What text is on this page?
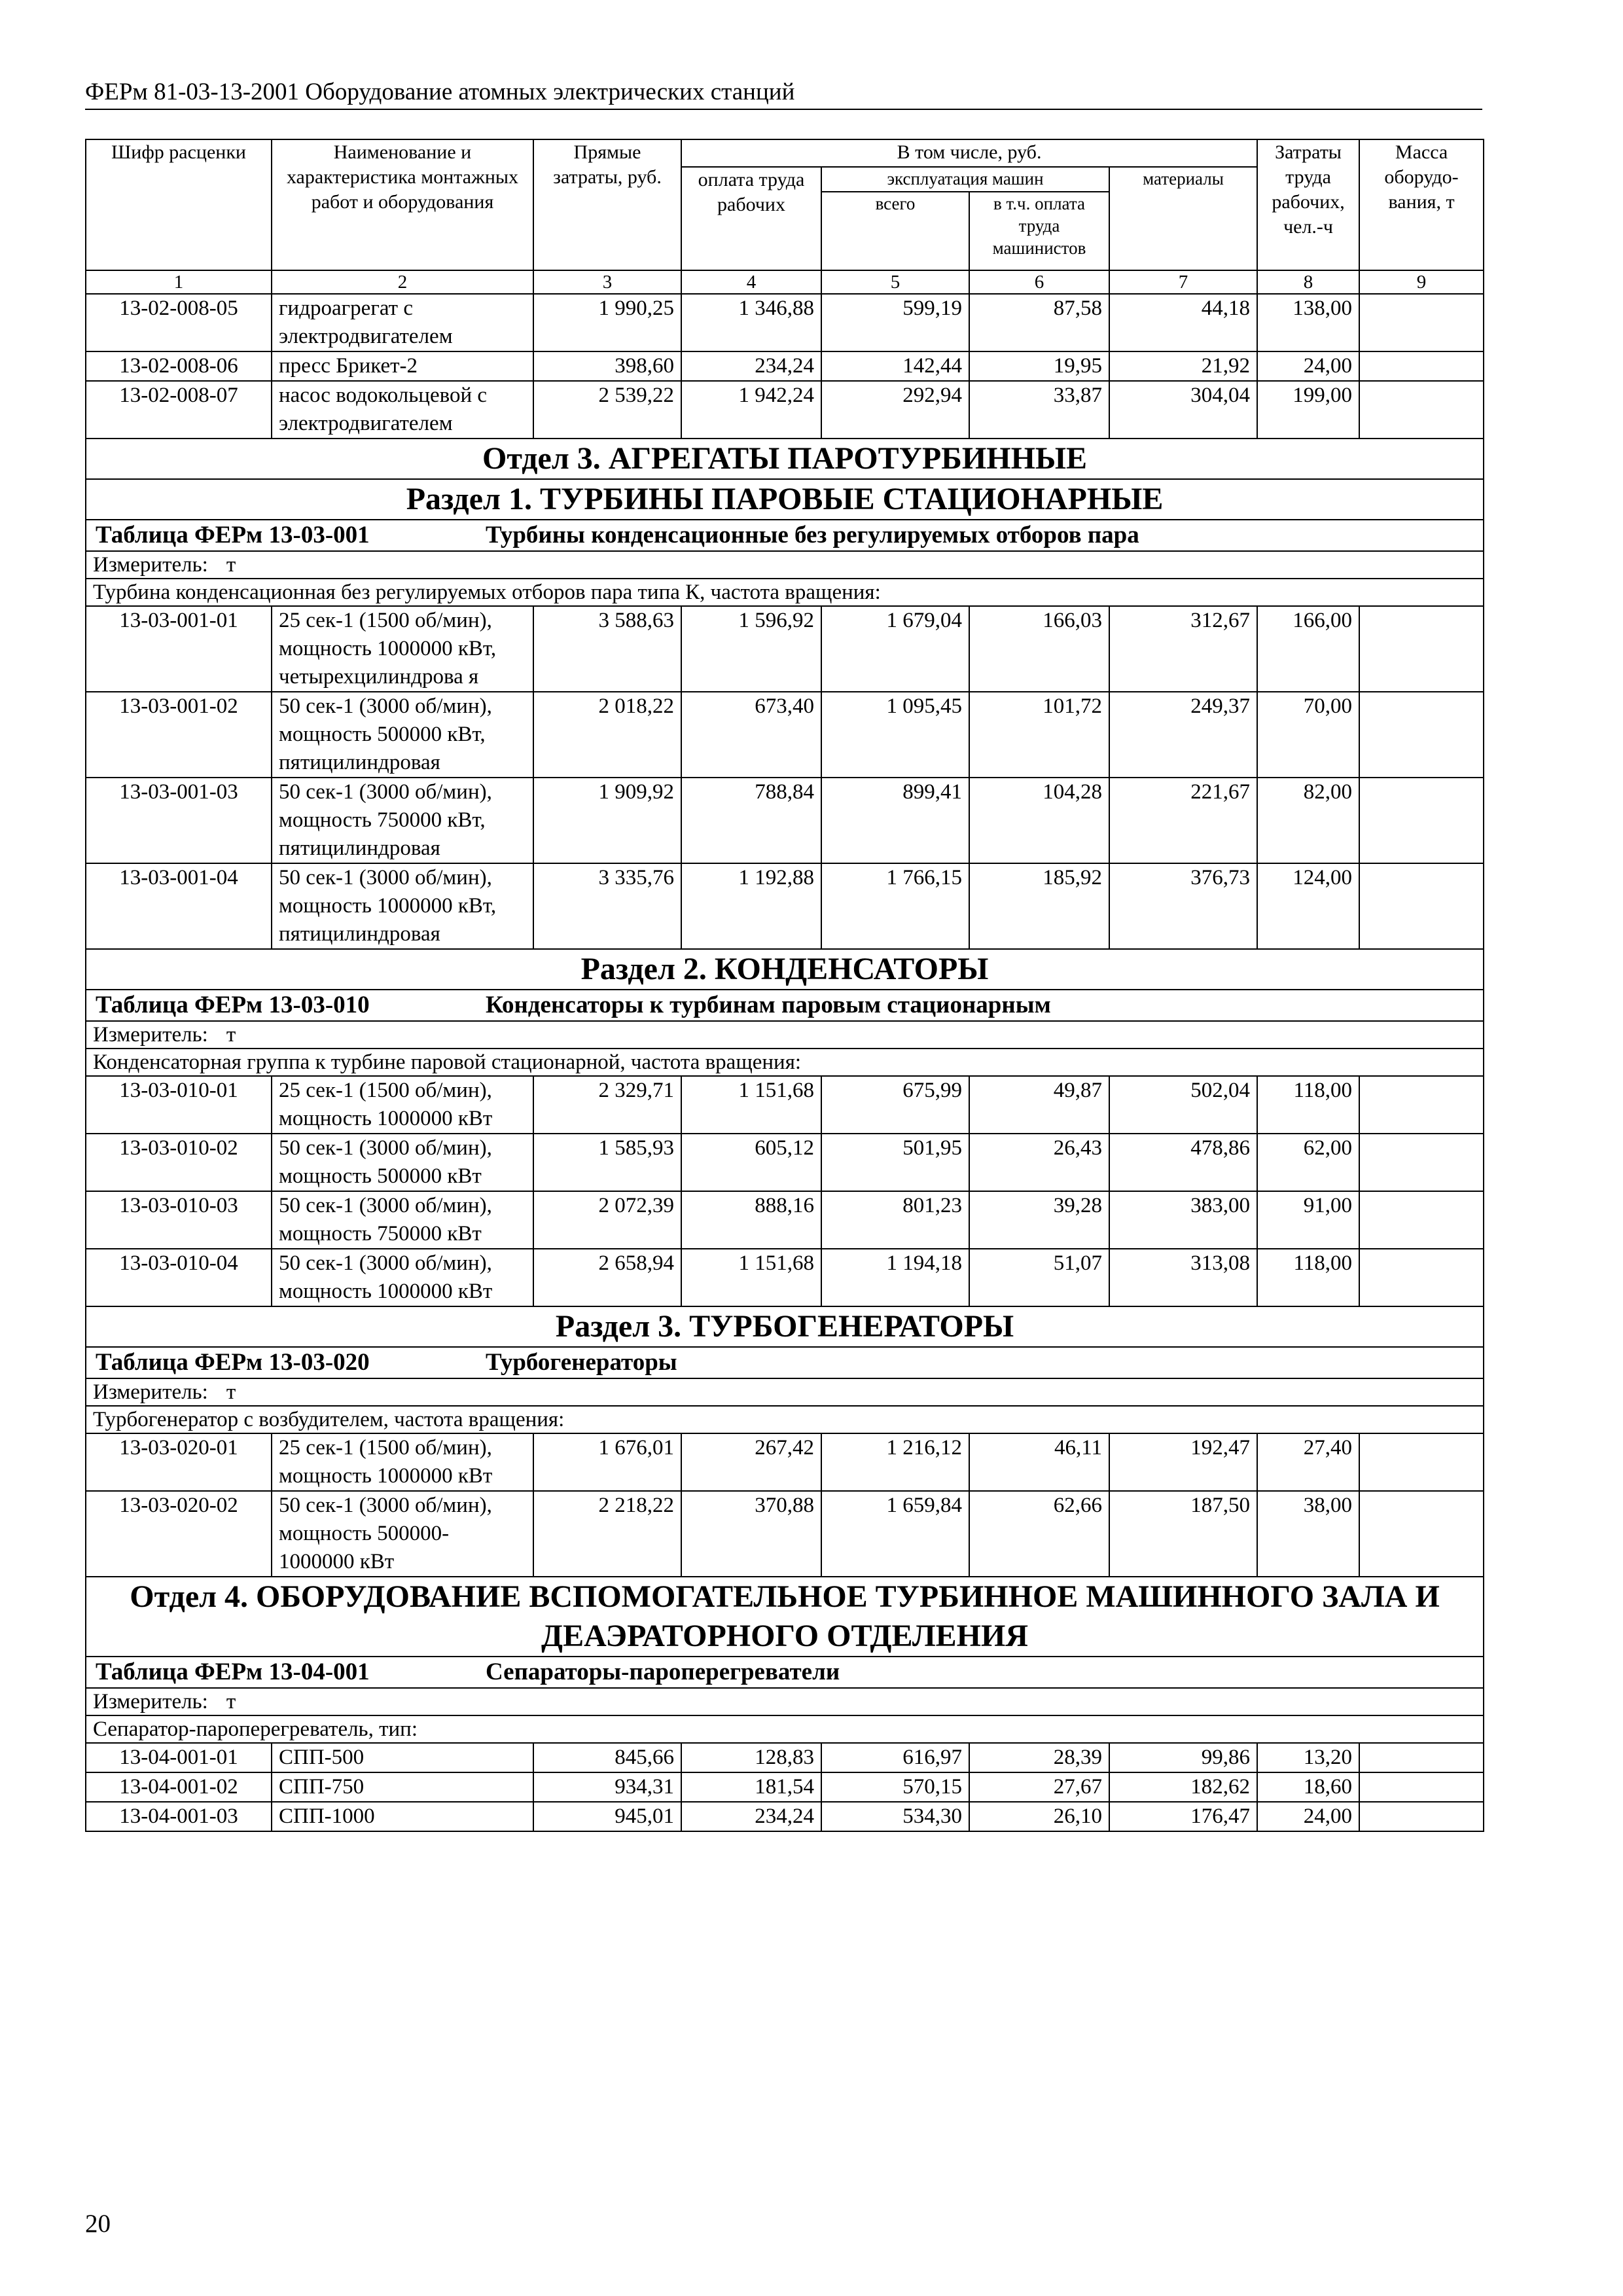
ФЕРм 81-03-13-2001 Оборудование атомных электрических станций
Шифр расценки	Наименование и характеристика монтажных работ и оборудования	Прямые затраты, руб.	В том числе, руб.				Затраты труда рабочих, чел.-ч	Масса оборудо- вания, т
			оплата труда рабочих	эксплуатация машин		материалы		
				всего	в т.ч. оплата труда машинистов			
1	2	3	4	5	6	7	8	9
13-02-008-05	гидроагрегат с электродвигателем	1 990,25	1 346,88	599,19	87,58	44,18	138,00	
13-02-008-06	пресс Брикет-2	398,60	234,24	142,44	19,95	21,92	24,00	
13-02-008-07	насос водокольцевой с электродвигателем	2 539,22	1 942,24	292,94	33,87	304,04	199,00	
Отдел 3. АГРЕГАТЫ ПАРОТУРБИННЫЕ								
Раздел 1. ТУРБИНЫ ПАРОВЫЕ СТАЦИОНАРНЫЕ								
Таблица ФЕРм 13-03-001 Турбины конденсационные без регулируемых отборов пара								
Измеритель: т								
Турбина конденсационная без регулируемых отборов пара типа К, частота вращения:								
13-03-001-01	25 сек-1 (1500 об/мин), мощность 1000000 кВт, четырехцилиндрова я	3 588,63	1 596,92	1 679,04	166,03	312,67	166,00	
13-03-001-02	50 сек-1 (3000 об/мин), мощность 500000 кВт, пятицилиндровая	2 018,22	673,40	1 095,45	101,72	249,37	70,00	
13-03-001-03	50 сек-1 (3000 об/мин), мощность 750000 кВт, пятицилиндровая	1 909,92	788,84	899,41	104,28	221,67	82,00	
13-03-001-04	50 сек-1 (3000 об/мин), мощность 1000000 кВт, пятицилиндровая	3 335,76	1 192,88	1 766,15	185,92	376,73	124,00	
Раздел 2. КОНДЕНСАТОРЫ								
Таблица ФЕРм 13-03-010 Конденсаторы к турбинам паровым стационарным								
Измеритель: т								
Конденсаторная группа к турбине паровой стационарной, частота вращения:								
13-03-010-01	25 сек-1 (1500 об/мин), мощность 1000000 кВт	2 329,71	1 151,68	675,99	49,87	502,04	118,00	
13-03-010-02	50 сек-1 (3000 об/мин), мощность 500000 кВт	1 585,93	605,12	501,95	26,43	478,86	62,00	
13-03-010-03	50 сек-1 (3000 об/мин), мощность 750000 кВт	2 072,39	888,16	801,23	39,28	383,00	91,00	
13-03-010-04	50 сек-1 (3000 об/мин), мощность 1000000 кВт	2 658,94	1 151,68	1 194,18	51,07	313,08	118,00	
Раздел 3. ТУРБОГЕНЕРАТОРЫ								
Таблица ФЕРм 13-03-020 Турбогенераторы								
Измеритель: т								
Турбогенератор с возбудителем, частота вращения:								
13-03-020-01	25 сек-1 (1500 об/мин), мощность 1000000 кВт	1 676,01	267,42	1 216,12	46,11	192,47	27,40	
13-03-020-02	50 сек-1 (3000 об/мин), мощность 500000- 1000000 кВт	2 218,22	370,88	1 659,84	62,66	187,50	38,00	
Отдел 4. ОБОРУДОВАНИЕ ВСПОМОГАТЕЛЬНОЕ ТУРБИННОЕ МАШИННОГО ЗАЛА И ДЕАЭРАТОРНОГО ОТДЕЛЕНИЯ								
Таблица ФЕРм 13-04-001 Сепараторы-пароперегреватели								
Измеритель: т								
Сепаратор-пароперегреватель, тип:								
13-04-001-01	СПП-500	845,66	128,83	616,97	28,39	99,86	13,20	
13-04-001-02	СПП-750	934,31	181,54	570,15	27,67	182,62	18,60	
13-04-001-03	СПП-1000	945,01	234,24	534,30	26,10	176,47	24,00	
20
